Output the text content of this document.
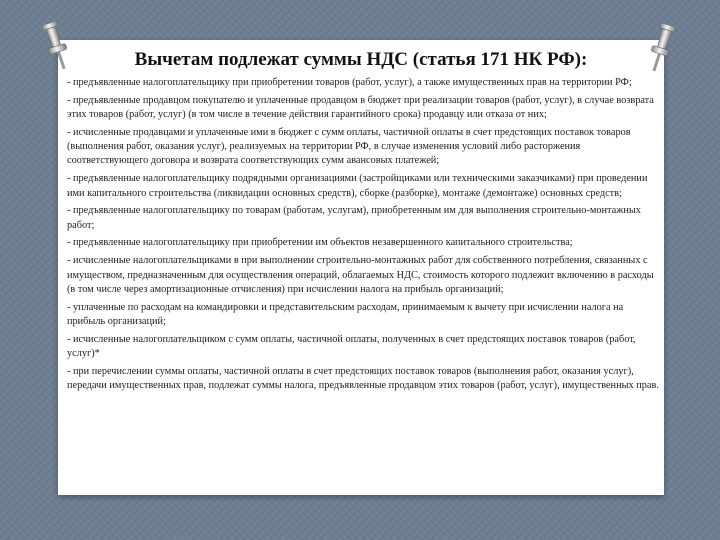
Вычетам подлежат суммы НДС (статья 171 НК РФ):

- предъявленные налогоплательщику при приобретении товаров (работ, услуг), а также имущественных прав на территории РФ;

- предъявленные продавцом покупателю и уплаченные продавцом в бюджет при реализации товаров (работ, услуг), в случае возврата этих товаров (работ, услуг) (в том числе в течение действия гарантийного срока) продавцу или отказа от них;

- исчисленные продавцами и уплаченные ими в бюджет с сумм оплаты, частичной оплаты в счет предстоящих поставок товаров (выполнения работ, оказания услуг), реализуемых на территории РФ, в случае изменения условий либо расторжения соответствующего договора и возврата соответствующих сумм авансовых платежей;

- предъявленные налогоплательщику подрядными организациями (застройщиками или техническими заказчиками) при проведении ими капитального строительства (ликвидации основных средств), сборке (разборке), монтаже (демонтаже) основных средств;

- предъявленные налогоплательщику по товарам (работам, услугам), приобретенным им для выполнения строительно-монтажных работ;

- предъявленные налогоплательщику при приобретении им объектов незавершенного капитального строительства;

- исчисленные налогоплательщиками в при выполнении строительно-монтажных работ для собственного потребления, связанных с имуществом, предназначенным для осуществления операций, облагаемых НДС, стоимость которого подлежит включению в расходы (в том числе через амортизационные отчисления) при исчислении налога на прибыль организаций;

- уплаченные по расходам на командировки и представительским расходам, принимаемым к вычету при исчислении налога на прибыль организаций;

- исчисленные налогоплательщиком с сумм оплаты, частичной оплаты, полученных в счет предстоящих поставок товаров (работ, услуг)*

- при перечислении суммы оплаты, частичной оплаты в счет предстоящих поставок товаров (выполнения работ, оказания услуг), передачи имущественных прав, подлежат суммы налога, предъявленные продавцом этих товаров (работ, услуг), имущественных прав.
